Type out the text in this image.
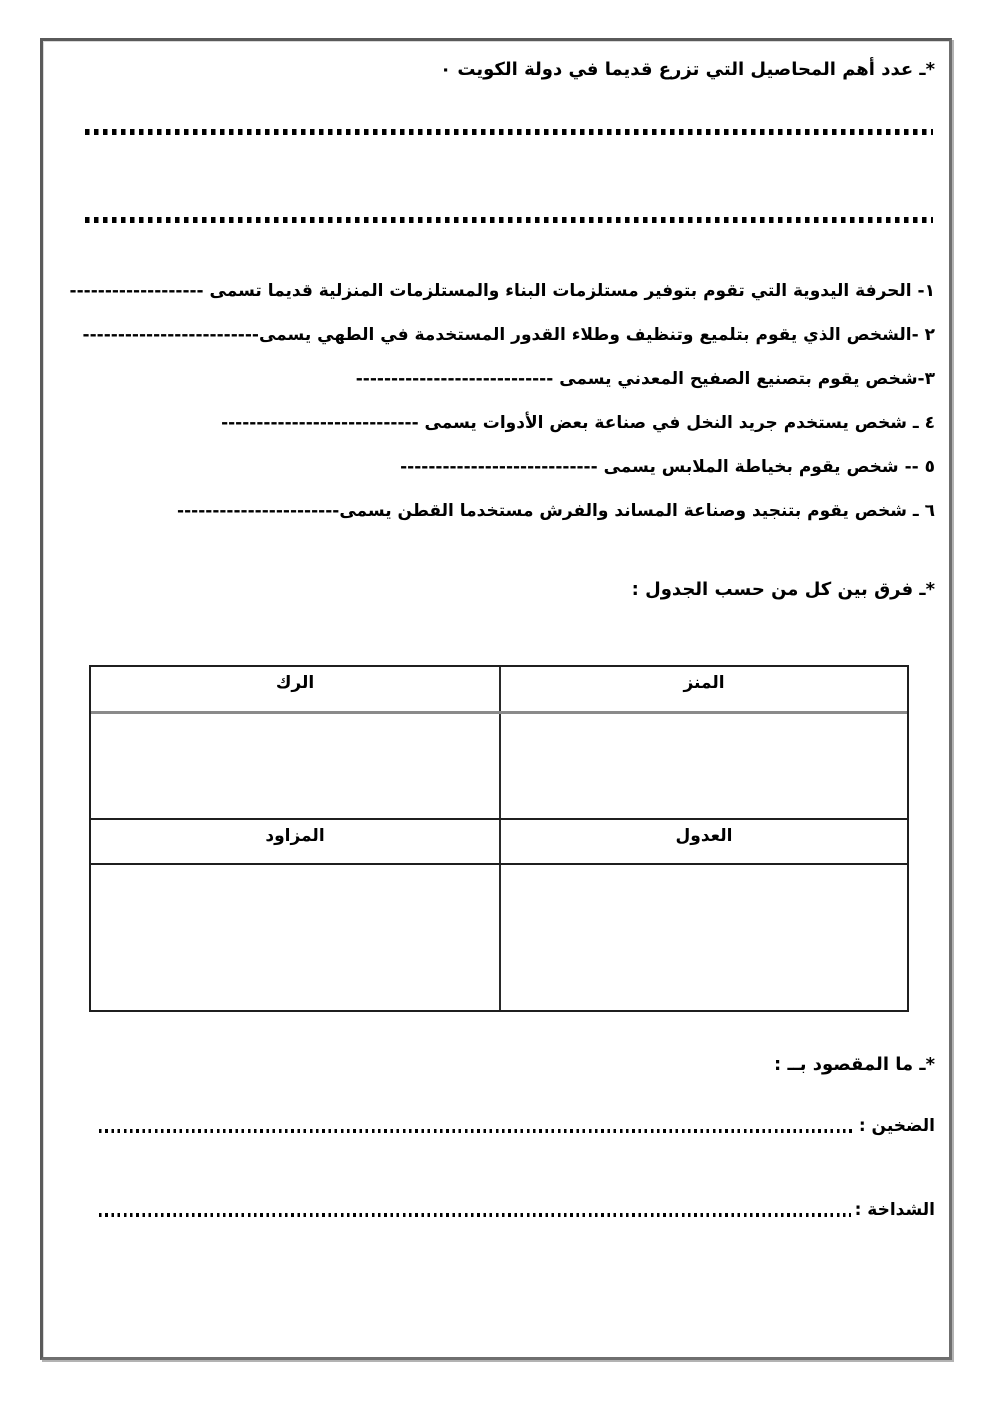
*ـ عدد أهم المحاصيل التي تزرع قديما في دولة الكويت ٠
١- الحرفة اليدوية التي تقوم بتوفير مستلزمات البناء والمستلزمات المنزلية قديما تسمى -------------------
٢ -الشخص الذي يقوم بتلميع وتنظيف وطلاء القدور المستخدمة في الطهي يسمى-------------------------
٣-شخص يقوم بتصنيع الصفيح المعدني يسمى ----------------------------
٤ ـ شخص يستخدم جريد النخل في صناعة بعض الأدوات يسمى ----------------------------
٥ -- شخص يقوم بخياطة الملابس يسمى ----------------------------
٦ ـ شخص يقوم بتنجيد وصناعة المساند والفرش مستخدما القطن يسمى-----------------------
*ـ فرق بين كل من حسب الجدول :
المنز
الرك
العدول
المزاود
*ـ ما المقصود بــ :
الضخين :
الشداخة :
